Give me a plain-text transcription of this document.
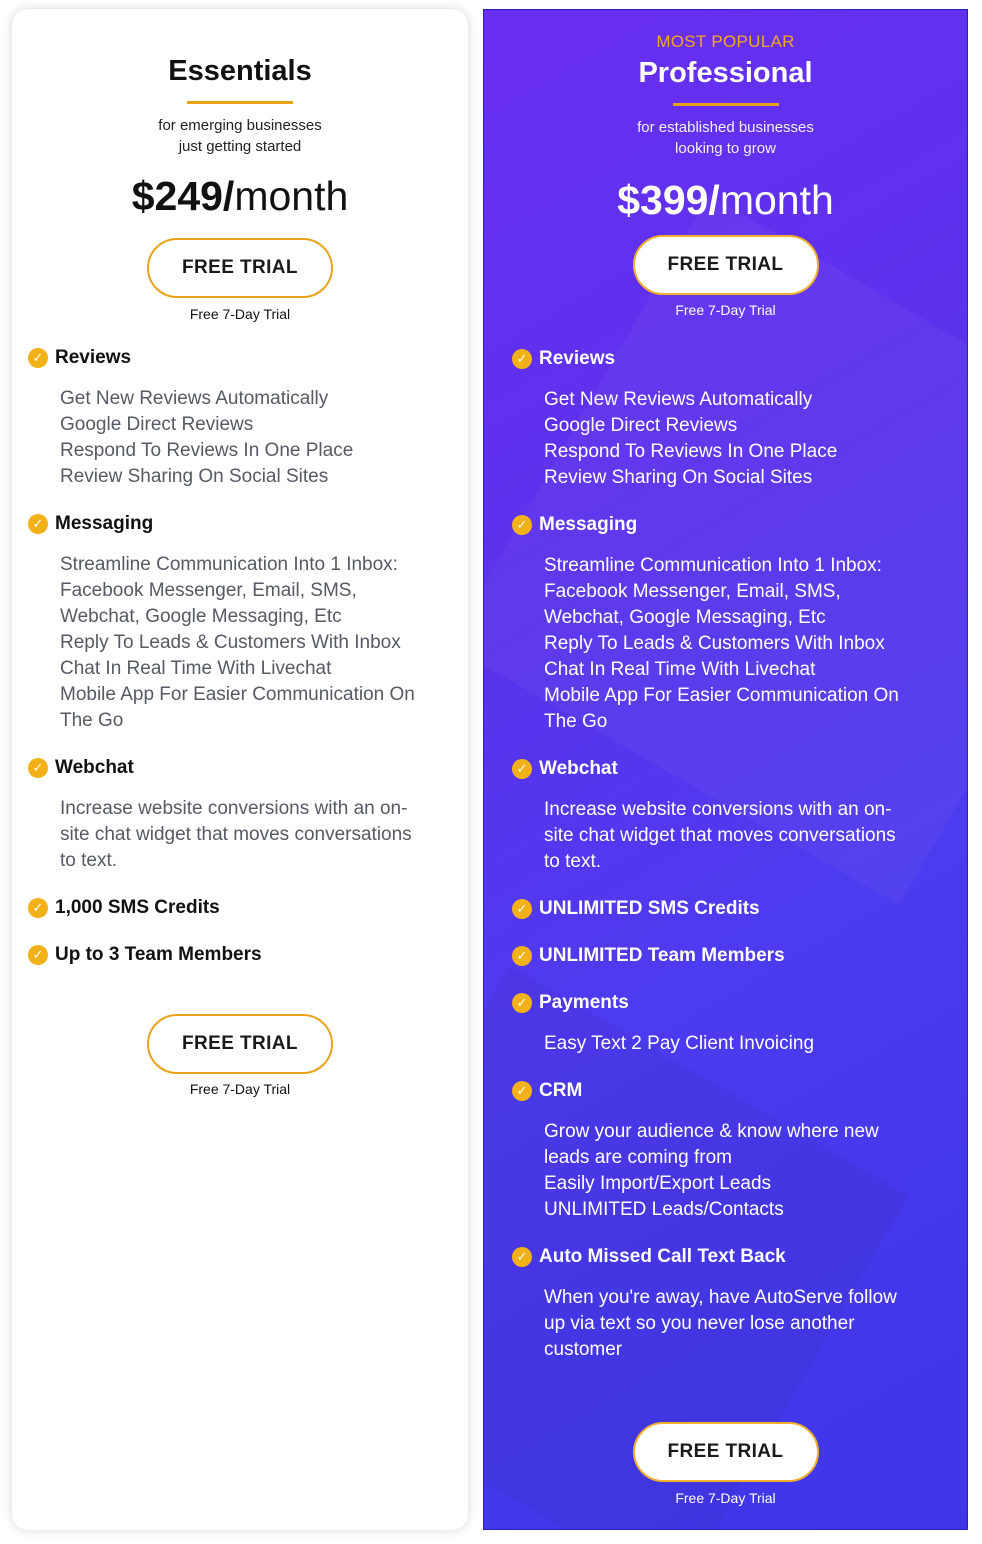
Essentials
for emerging businesses
just getting started
$249/month
FREE TRIAL
Free 7-Day Trial
✓ Reviews
Get New Reviews Automatically
Google Direct Reviews
Respond To Reviews In One Place
Review Sharing On Social Sites
✓ Messaging
Streamline Communication Into 1 Inbox:
Facebook Messenger, Email, SMS,
Webchat, Google Messaging, Etc
Reply To Leads & Customers With Inbox
Chat In Real Time With Livechat
Mobile App For Easier Communication On
The Go
✓ Webchat
Increase website conversions with an on-
site chat widget that moves conversations
to text.
✓ 1,000 SMS Credits
✓ Up to 3 Team Members
FREE TRIAL
Free 7-Day Trial
MOST POPULAR
Professional
for established businesses
looking to grow
$399/month
FREE TRIAL
Free 7-Day Trial
✓ Reviews
Get New Reviews Automatically
Google Direct Reviews
Respond To Reviews In One Place
Review Sharing On Social Sites
✓ Messaging
Streamline Communication Into 1 Inbox:
Facebook Messenger, Email, SMS,
Webchat, Google Messaging, Etc
Reply To Leads & Customers With Inbox
Chat In Real Time With Livechat
Mobile App For Easier Communication On
The Go
✓ Webchat
Increase website conversions with an on-
site chat widget that moves conversations
to text.
✓ UNLIMITED SMS Credits
✓ UNLIMITED Team Members
✓ Payments
Easy Text 2 Pay Client Invoicing
✓ CRM
Grow your audience & know where new
leads are coming from
Easily Import/Export Leads
UNLIMITED Leads/Contacts
✓ Auto Missed Call Text Back
When you're away, have AutoServe follow
up via text so you never lose another
customer
FREE TRIAL
Free 7-Day Trial
